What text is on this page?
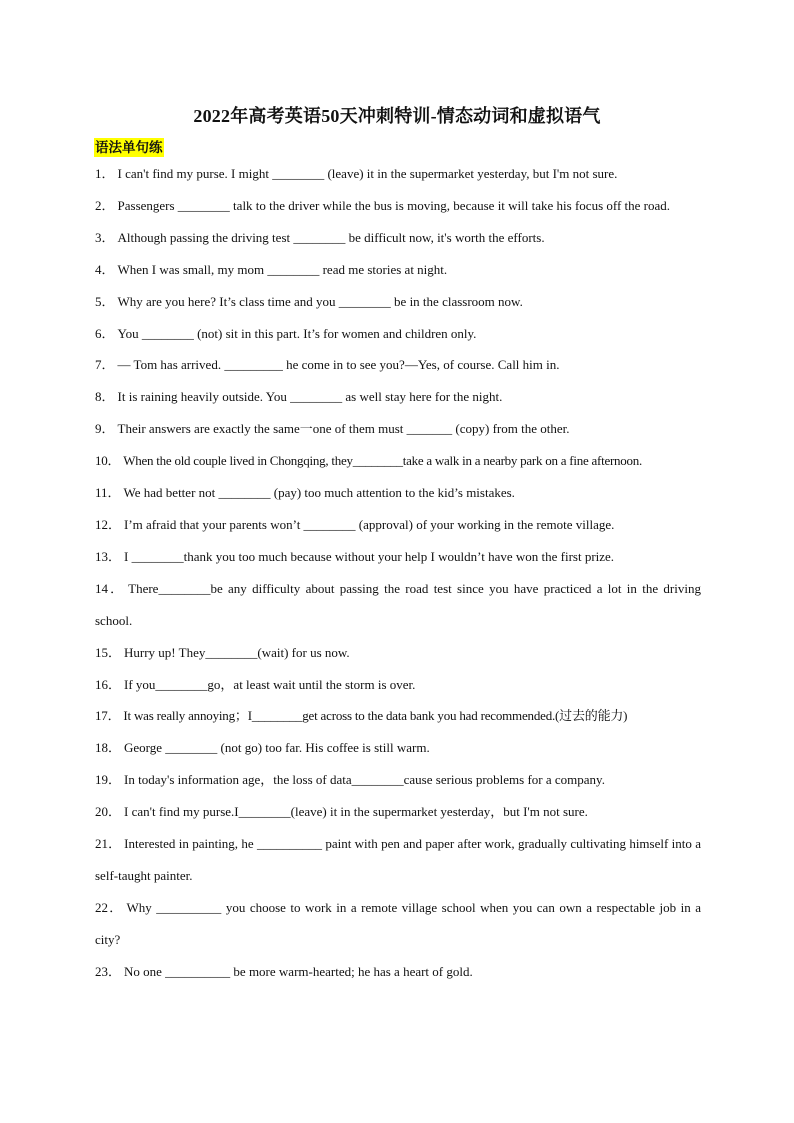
2022年高考英语50天冲刺特训-情态动词和虚拟语气
语法单句练
1． I can't find my purse. I might ________ (leave) it in the supermarket yesterday, but I'm not sure.
2． Passengers ________ talk to the driver while the bus is moving, because it will take his focus off the road.
3． Although passing the driving test ________ be difficult now, it's worth the efforts.
4． When I was small, my mom ________ read me stories at night.
5． Why are you here? It’s class time and you ________ be in the classroom now.
6． You ________ (not) sit in this part. It’s for women and children only.
7． — Tom has arrived. _________ he come in to see you?—Yes, of course. Call him in.
8． It is raining heavily outside. You ________ as well stay here for the night.
9． Their answers are exactly the same一one of them must _______ (copy) from the other.
10． When the old couple lived in Chongqing, they________take a walk in a nearby park on a fine afternoon.
11． We had better not ________ (pay) too much attention to the kid’s mistakes.
12． I’m afraid that your parents won’t ________ (approval) of your working in the remote village.
13． I ________thank you too much because without your help I wouldn’t have won the first prize.
14． There________be any difficulty about passing the road test since you have practiced a lot in the driving school.
15． Hurry up! They________(wait) for us now.
16． If you________go，at least wait until the storm is over.
17． It was really annoying；I________get across to the data bank you had recommended.(过去的能力)
18． George ________ (not go) too far. His coffee is still warm.
19． In today's information age，the loss of data________cause serious problems for a company.
20． I can't find my purse.I________(leave) it in the supermarket yesterday，but I'm not sure.
21． Interested in painting, he __________ paint with pen and paper after work, gradually cultivating himself into a self-taught painter.
22． Why __________ you choose to work in a remote village school when you can own a respectable job in a city?
23． No one __________ be more warm-hearted; he has a heart of gold.
